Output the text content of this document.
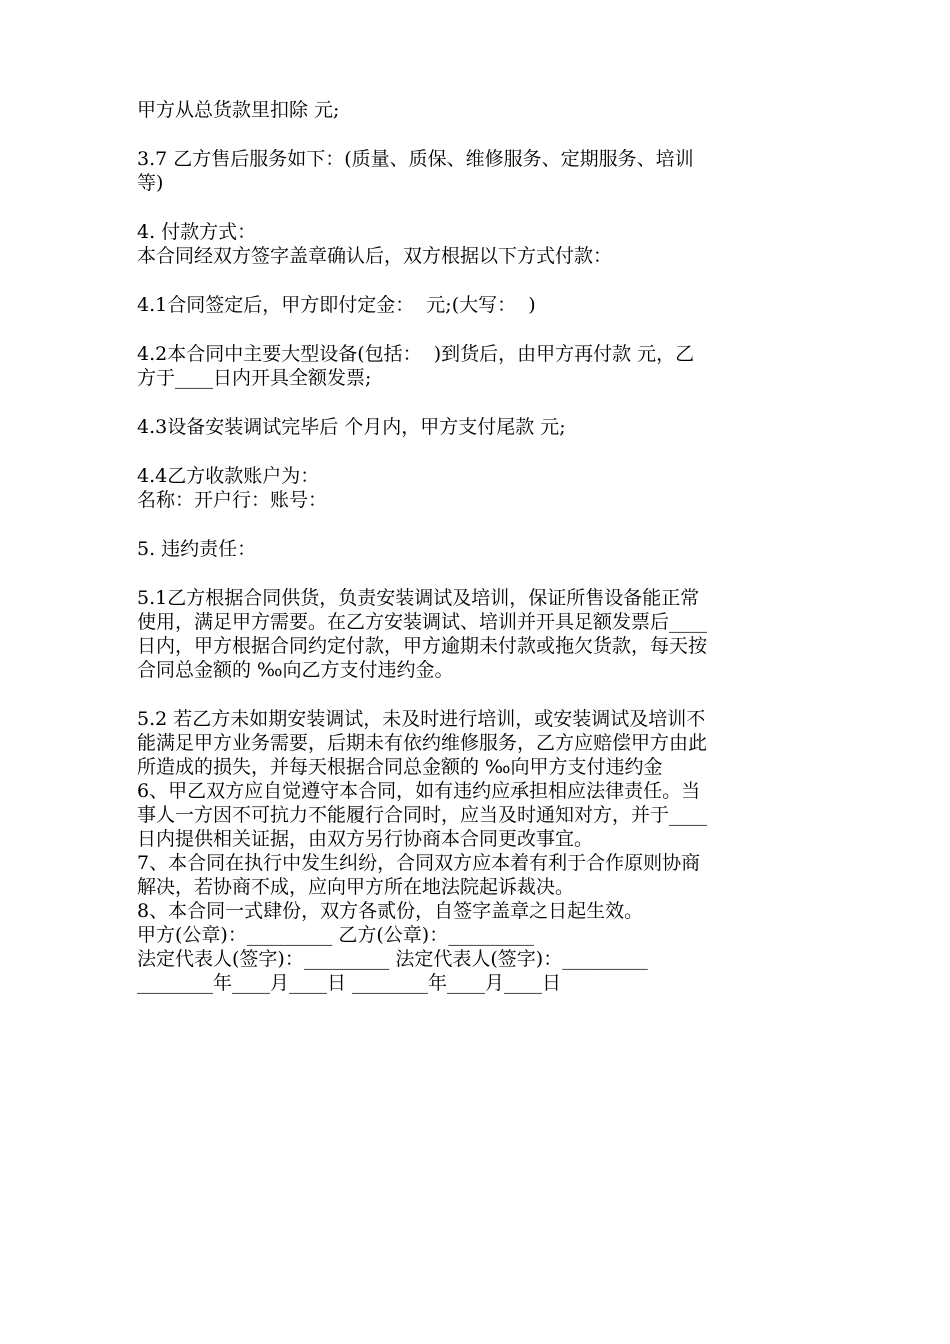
甲方从总货款里扣除 元;
3.7 乙方售后服务如下：(质量、质保、维修服务、定期服务、培训
等)
4. 付款方式：
本合同经双方签字盖章确认后，双方根据以下方式付款：
4.1合同签定后，甲方即付定金：  元;(大写：  )
4.2本合同中主要大型设备(包括：  )到货后，由甲方再付款 元，乙
方于____日内开具全额发票;
4.3设备安装调试完毕后 个月内，甲方支付尾款 元;
4.4乙方收款账户为：
名称：开户行：账号：
5. 违约责任：
5.1乙方根据合同供货，负责安装调试及培训，保证所售设备能正常
使用，满足甲方需要。在乙方安装调试、培训并开具足额发票后____
日内，甲方根据合同约定付款，甲方逾期未付款或拖欠货款，每天按
合同总金额的 ‰向乙方支付违约金。
5.2 若乙方未如期安装调试，未及时进行培训，或安装调试及培训不
能满足甲方业务需要，后期未有依约维修服务，乙方应赔偿甲方由此
所造成的损失，并每天根据合同总金额的 ‰向甲方支付违约金
6、甲乙双方应自觉遵守本合同，如有违约应承担相应法律责任。当
事人一方因不可抗力不能履行合同时，应当及时通知对方，并于____
日内提供相关证据，由双方另行协商本合同更改事宜。
7、本合同在执行中发生纠纷，合同双方应本着有利于合作原则协商
解决，若协商不成，应向甲方所在地法院起诉裁决。
8、本合同一式肆份，双方各贰份，自签字盖章之日起生效。
甲方(公章)：_________ 乙方(公章)：_________
法定代表人(签字)：_________ 法定代表人(签字)：_________
________年____月____日 ________年____月____日
